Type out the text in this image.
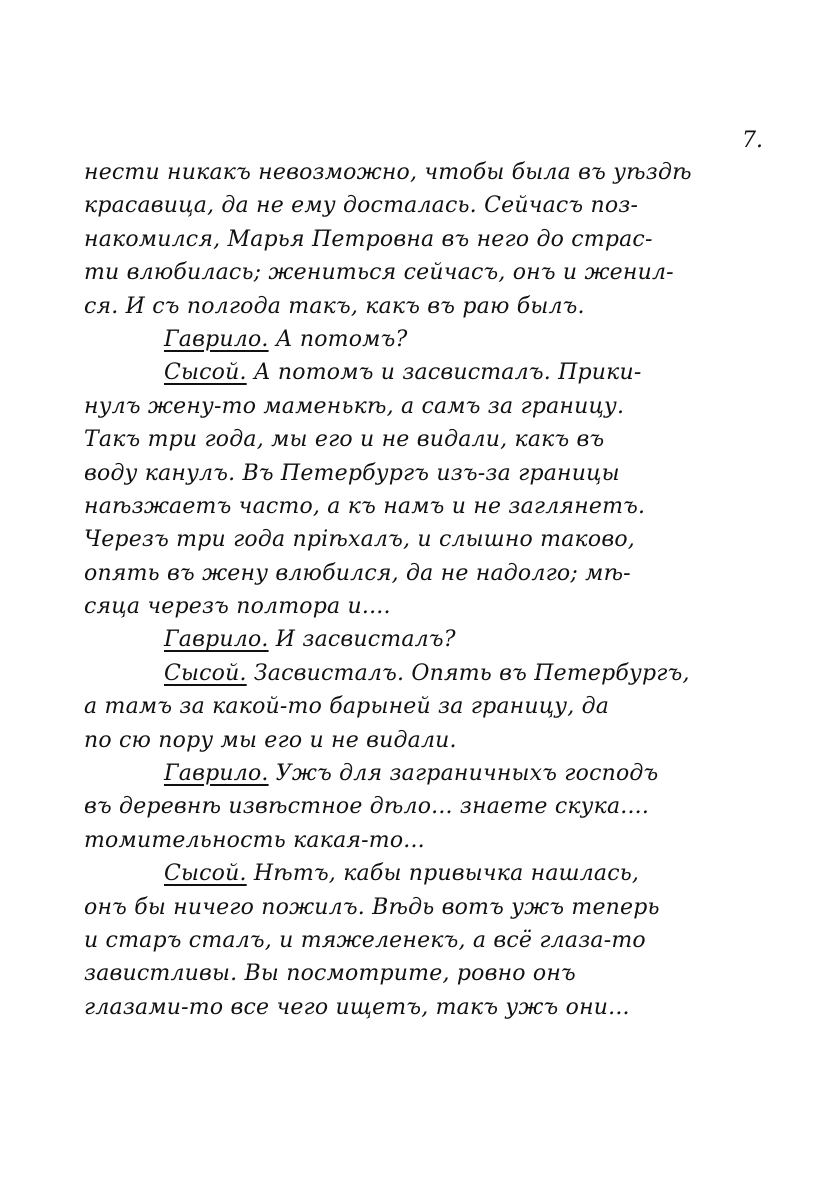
7.
нести никакъ невозможно, чтобы была въ уѣздѣ
красавица, да не ему досталась. Сейчасъ поз-
накомился, Марья Петровна въ него до страс-
ти влюбилась; жениться сейчасъ, онъ и женил-
ся. И съ полгода такъ, какъ въ раю былъ.
Гаврило. А потомъ?
Сысой. А потомъ и засвисталъ. Прики-
нулъ жену-то маменькѣ, а самъ за границу.
Такъ три года, мы его и не видали, какъ въ
воду канулъ. Въ Петербургъ изъ-за границы
наѣзжаетъ часто, а къ намъ и не заглянетъ.
Черезъ три года пріѣхалъ, и слышно таково,
опять въ жену влюбился, да не надолго; мѣ-
сяца черезъ полтора и....
Гаврило. И засвисталъ?
Сысой. Засвисталъ. Опять въ Петербургъ,
а тамъ за какой-то барыней за границу, да
по сю пору мы его и не видали.
Гаврило. Ужъ для заграничныхъ господъ
въ деревнѣ извѣстное дѣло... знаете скука....
томительность какая-то...
Сысой. Нѣтъ, кабы привычка нашлась,
онъ бы ничего пожилъ. Вѣдь вотъ ужъ теперь
и старъ сталъ, и тяжеленекъ, а всё глаза-то
завистливы. Вы посмотрите, ровно онъ
глазами-то все чего ищетъ, такъ ужъ они...
